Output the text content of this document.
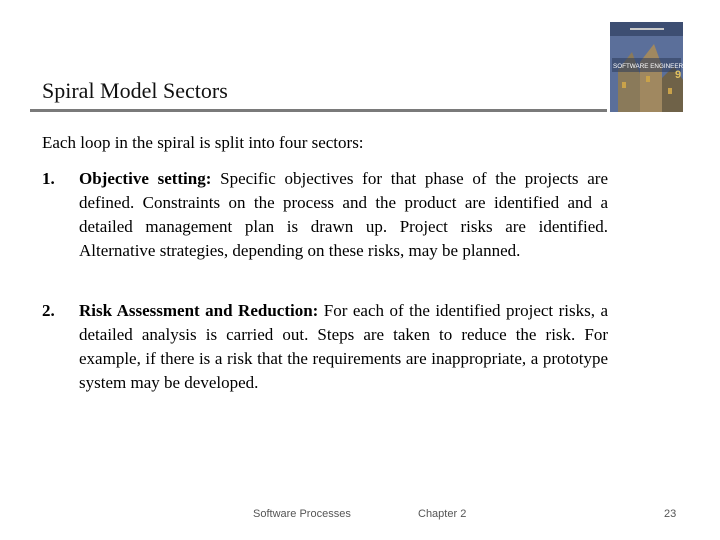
Spiral Model Sectors
SOFTWARE ENGINEERING
9
Each loop in the spiral is split into four sectors:
1. Objective setting: Specific objectives for that phase of the projects are defined. Constraints on the process and the product are identified and a detailed management plan is drawn up. Project risks are identified. Alternative strategies, depending on these risks, may be planned.
2. Risk Assessment and Reduction: For each of the identified project risks, a detailed analysis is carried out. Steps are taken to reduce the risk. For example, if there is a risk that the requirements are inappropriate, a prototype system may be developed.
Software Processes	Chapter 2	23
